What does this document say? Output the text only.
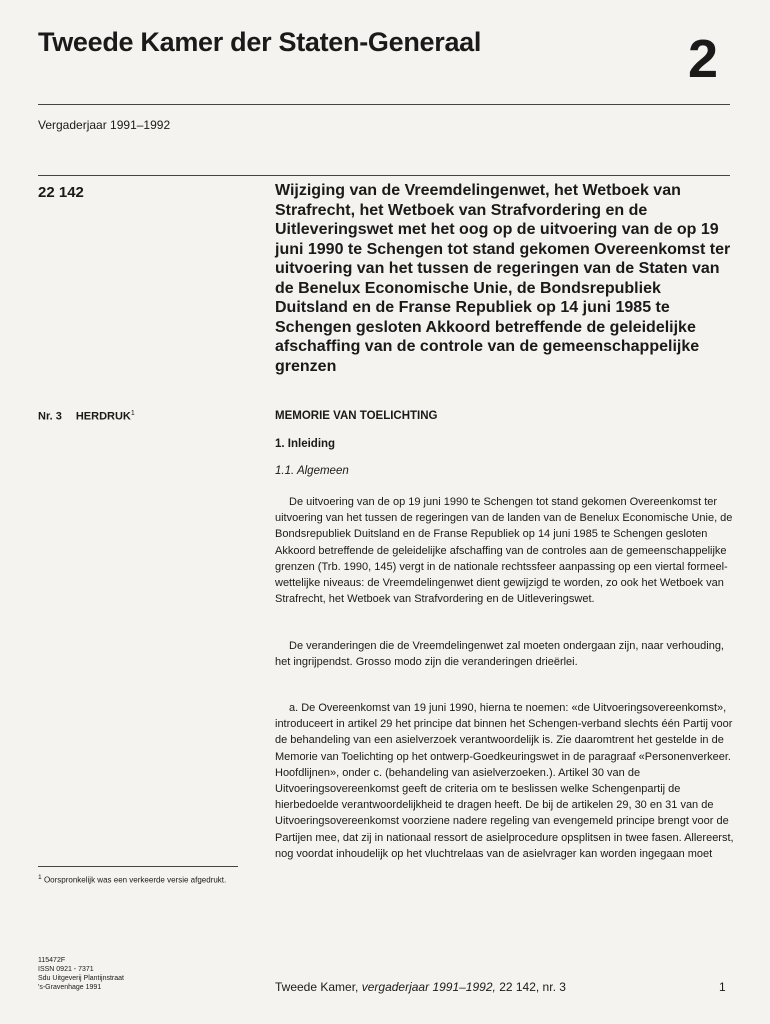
Tweede Kamer der Staten-Generaal	2
Vergaderjaar 1991–1992
22 142	Wijziging van de Vreemdelingenwet, het Wetboek van Strafrecht, het Wetboek van Strafvordering en de Uitleveringswet met het oog op de uitvoering van de op 19 juni 1990 te Schengen tot stand gekomen Overeenkomst ter uitvoering van het tussen de regeringen van de Staten van de Benelux Economische Unie, de Bondsrepubliek Duitsland en de Franse Republiek op 14 juni 1985 te Schengen gesloten Akkoord betreffende de geleidelijke afschaffing van de controle van de gemeenschappelijke grenzen
Nr. 3 HERDRUK$^1$	MEMORIE VAN TOELICHTING
1. Inleiding
1.1. Algemeen

De uitvoering van de op 19 juni 1990 te Schengen tot stand gekomen Overeenkomst ter uitvoering van het tussen de regeringen van de landen van de Benelux Economische Unie, de Bondsrepubliek Duitsland en de Franse Republiek op 14 juni 1985 te Schengen gesloten Akkoord betreffende de geleidelijke afschaffing van de controles aan de gemeenschappelijke grenzen (Trb. 1990, 145) vergt in de nationale rechtssfeer aanpassing op een viertal formeel-wettelijke niveaus: de Vreemdelingenwet dient gewijzigd te worden, zo ook het Wetboek van Strafrecht, het Wetboek van Strafvordering en de Uitleveringswet.

De veranderingen die de Vreemdelingenwet zal moeten ondergaan zijn, naar verhouding, het ingrijpendst. Grosso modo zijn die veranderingen drieërlei.

a. De Overeenkomst van 19 juni 1990, hierna te noemen: «de Uitvoeringsovereenkomst», introduceert in artikel 29 het principe dat binnen het Schengen-verband slechts één Partij voor de behandeling van een asielverzoek verantwoordelijk is. Zie daaromtrent het gestelde in de Memorie van Toelichting op het ontwerp-Goedkeuringswet in de paragraaf «Personenverkeer. Hoofdlijnen», onder c. (behandeling van asielverzoeken.). Artikel 30 van de Uitvoeringsovereenkomst geeft de criteria om te beslissen welke Schengenpartij de hierbedoelde verantwoordelijkheid te dragen heeft. De bij de artikelen 29, 30 en 31 van de Uitvoeringsovereenkomst voorziene nadere regeling van evengemeld principe brengt voor de Partijen mee, dat zij in nationaal ressort de asielprocedure opsplitsen in twee fasen. Allereerst, nog voordat inhoudelijk op het vluchtrelaas van de asielvrager kan worden ingegaan moet

$^1$ Oorspronkelijk was een verkeerde versie afgedrukt.
115472F
ISSN 0921 - 7371
Sdu Uitgeverij Plantijnstraat
's-Gravenhage 1991	Tweede Kamer, vergaderjaar 1991–1992, 22 142, nr. 3	1
